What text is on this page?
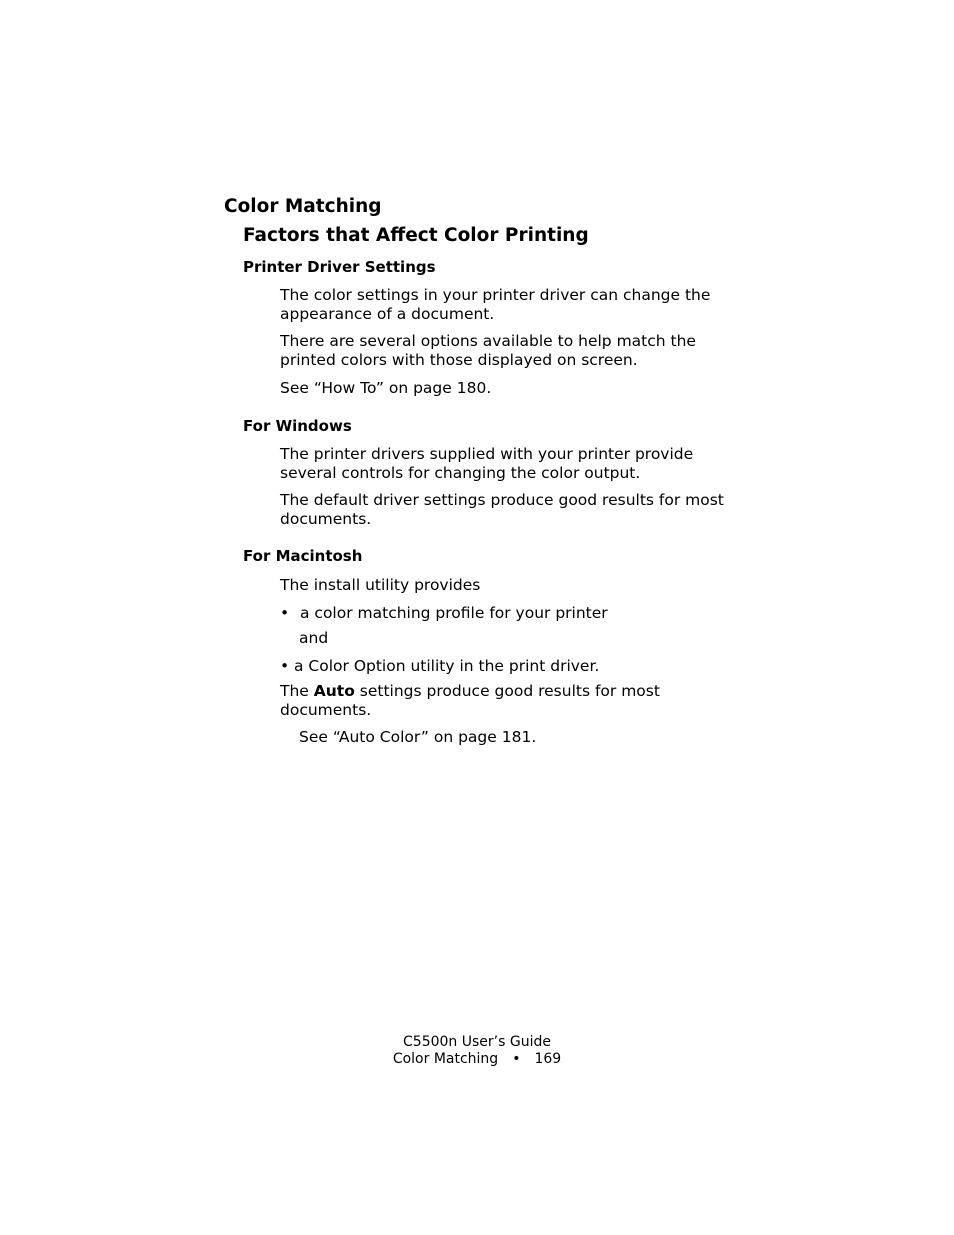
Color Matching
Factors that Affect Color Printing
Printer Driver Settings
The color settings in your printer driver can change the appearance of a document.
There are several options available to help match the printed colors with those displayed on screen.
See “How To” on page 180.
For Windows
The printer drivers supplied with your printer provide several controls for changing the color output.
The default driver settings produce good results for most documents.
For Macintosh
The install utility provides
• a color matching profile for your printer
and
• a Color Option utility in the print driver.
The Auto settings produce good results for most documents.
See “Auto Color” on page 181.
C5500n User’s Guide
Color Matching • 169
